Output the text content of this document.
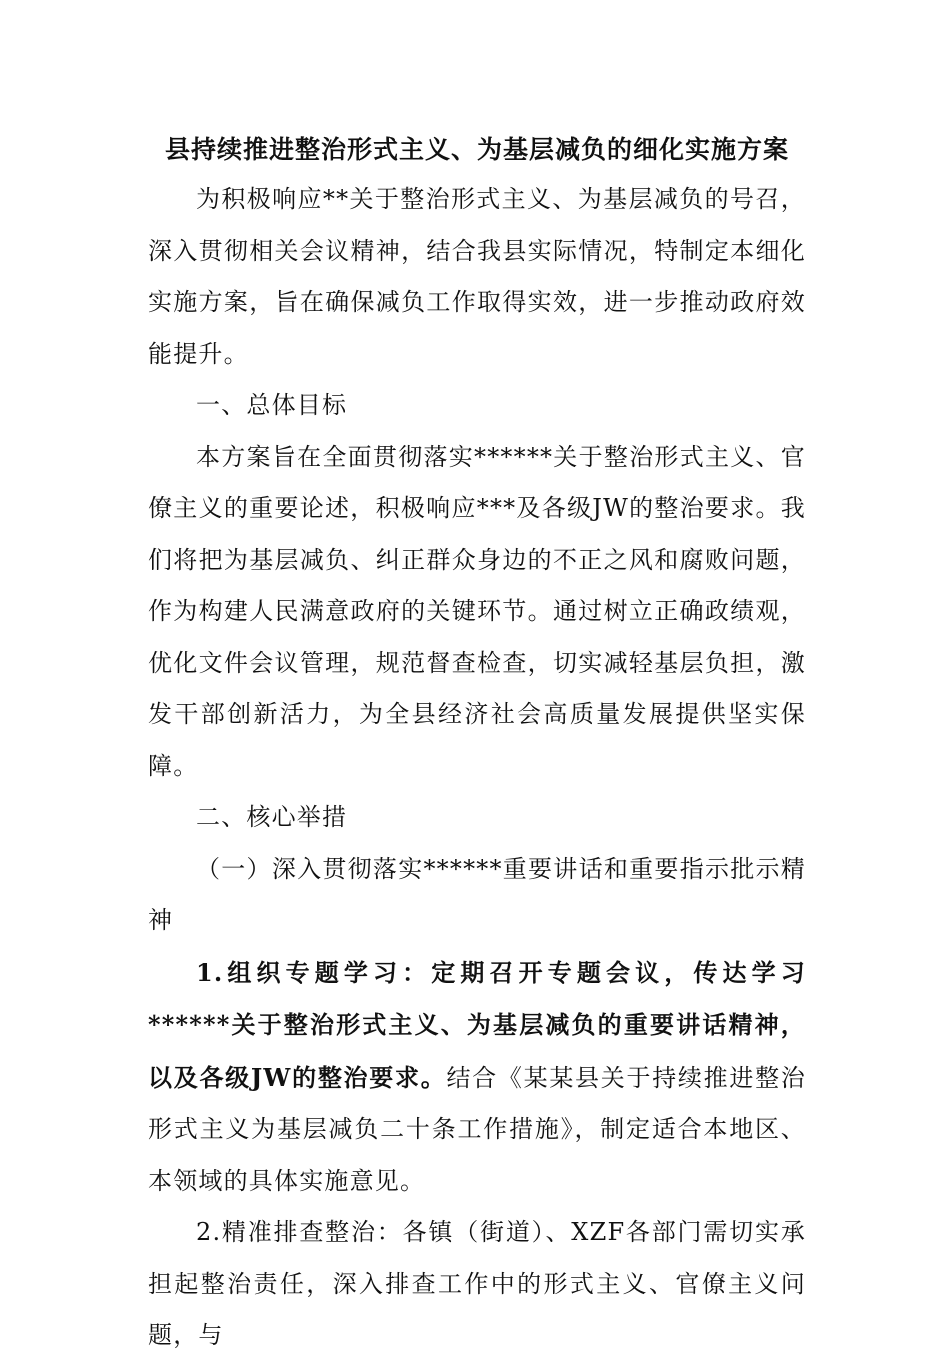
县持续推进整治形式主义、为基层减负的细化实施方案

为积极响应**关于整治形式主义、为基层减负的号召，深入贯彻相关会议精神，结合我县实际情况，特制定本细化实施方案，旨在确保减负工作取得实效，进一步推动政府效能提升。

一、总体目标

本方案旨在全面贯彻落实******关于整治形式主义、官僚主义的重要论述，积极响应***及各级JW的整治要求。我们将把为基层减负、纠正群众身边的不正之风和腐败问题，作为构建人民满意政府的关键环节。通过树立正确政绩观，优化文件会议管理，规范督查检查，切实减轻基层负担，激发干部创新活力，为全县经济社会高质量发展提供坚实保障。

二、核心举措

（一）深入贯彻落实******重要讲话和重要指示批示精神

1.组织专题学习：定期召开专题会议，传达学习******关于整治形式主义、为基层减负的重要讲话精神，以及各级JW的整治要求。结合《某某县关于持续推进整治形式主义为基层减负二十条工作措施》，制定适合本地区、本领域的具体实施意见。

2.精准排查整治：各镇（街道）、XZF各部门需切实承担起整治责任，深入排查工作中的形式主义、官僚主义问题，与
